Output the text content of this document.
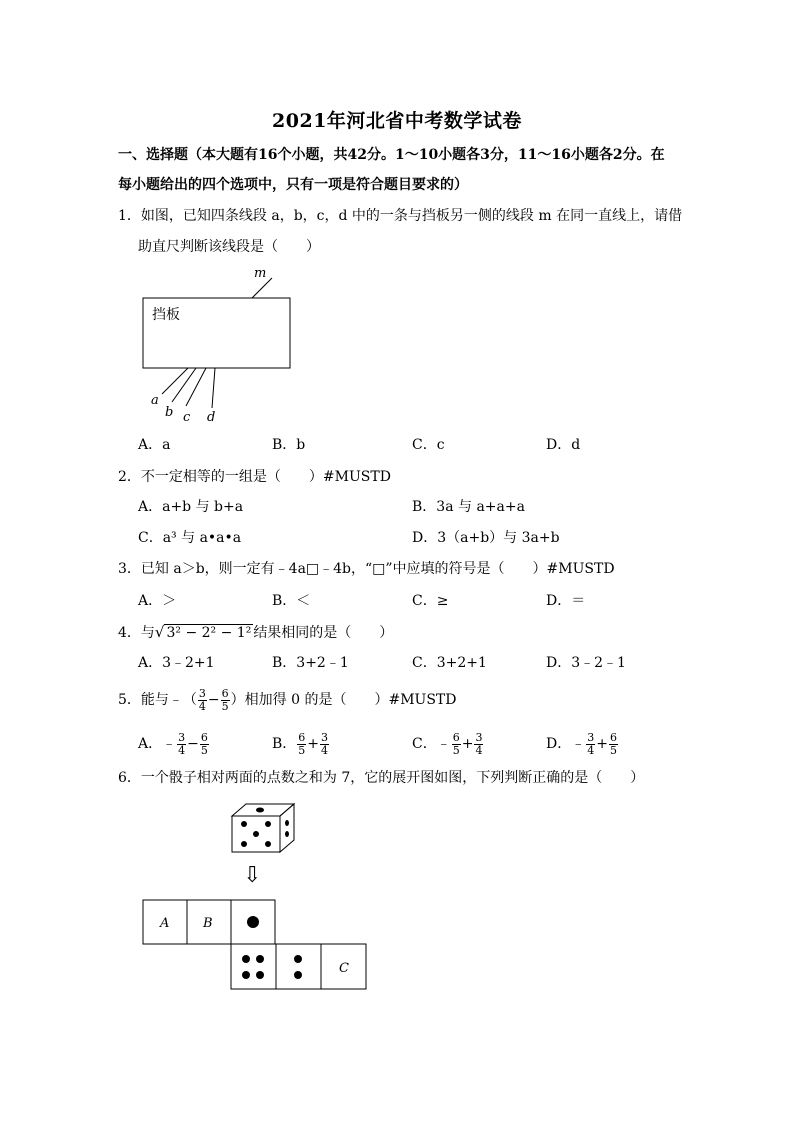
2021年河北省中考数学试卷
一、选择题（本大题有16个小题，共42分。1～10小题各3分，11～16小题各2分。在
每小题给出的四个选项中，只有一项是符合题目要求的）
1．如图，已知四条线段 a，b，c，d 中的一条与挡板另一侧的线段 m 在同一直线上，请借
助直尺判断该线段是（　　）
挡板
m
a
b c d
A．a	B．b	C．c	D．d
2．不一定相等的一组是（　　）#MUSTD
A．a+b 与 b+a	B．3a 与 a+a+a
C．a³ 与 a•a•a	D．3（a+b）与 3a+b
3．已知 a＞b，则一定有﹣4a□﹣4b，“□”中应填的符号是（　　）#MUSTD
A．＞	B．＜	C．≥	D．＝
4．与√ 3² − 2² − 1² 结果相同的是（　　）
A．3﹣2+1	B．3+2﹣1	C．3+2+1	D．3﹣2﹣1
5．能与﹣（ $\frac{3}{4} - \frac{6}{5}$ ）相加得 0 的是（　　）#MUSTD
A．﹣ $\frac{3}{4} - \frac{6}{5}$	B． $\frac{6}{5} + \frac{3}{4}$	C．﹣ $\frac{6}{5} + \frac{3}{4}$	D．﹣ $\frac{3}{4} + \frac{6}{5}$
6．一个骰子相对两面的点数之和为 7，它的展开图如图，下列判断正确的是（　　）
⇩
A	B
C
